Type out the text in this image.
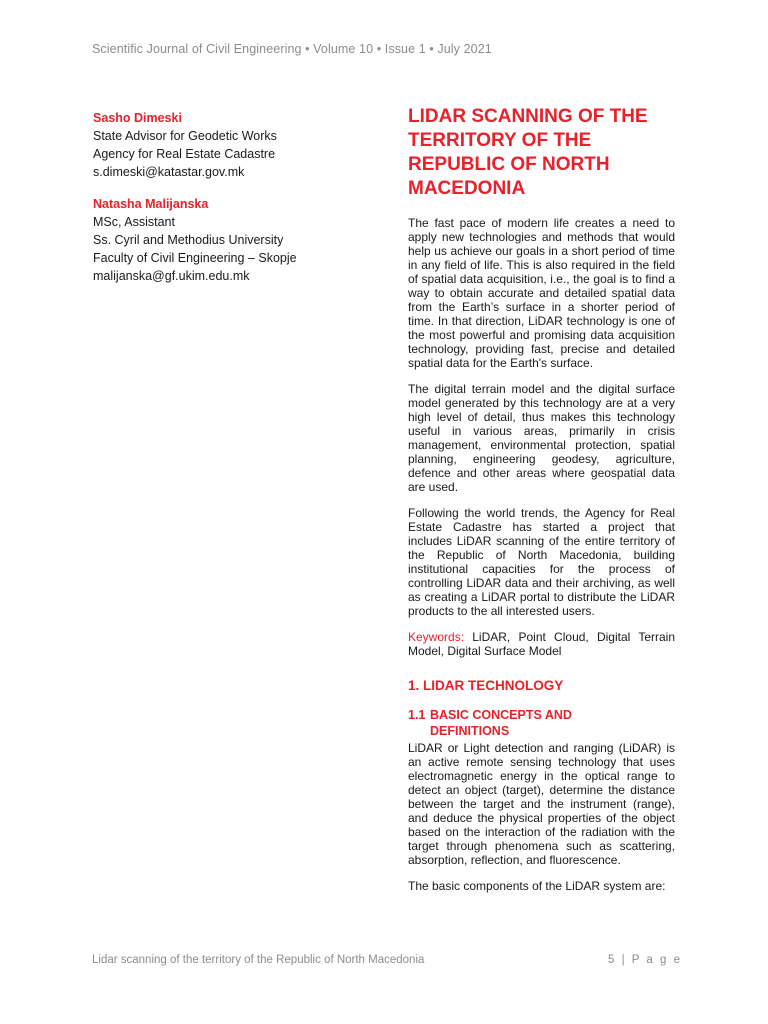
Scientific Journal of Civil Engineering • Volume 10 • Issue 1 • July 2021
Sasho Dimeski
State Advisor for Geodetic Works
Agency for Real Estate Cadastre
s.dimeski@katastar.gov.mk
Natasha Malijanska
MSc, Assistant
Ss. Cyril and Methodius University
Faculty of Civil Engineering – Skopje
malijanska@gf.ukim.edu.mk
LIDAR SCANNING OF THE TERRITORY OF THE REPUBLIC OF NORTH MACEDONIA

The fast pace of modern life creates a need to apply new technologies and methods that would help us achieve our goals in a short period of time in any field of life. This is also required in the field of spatial data acquisition, i.e., the goal is to find a way to obtain accurate and detailed spatial data from the Earth’s surface in a shorter period of time. In that direction, LiDAR technology is one of the most powerful and promising data acquisition technology, providing fast, precise and detailed spatial data for the Earth's surface.

The digital terrain model and the digital surface model generated by this technology are at a very high level of detail, thus makes this technology useful in various areas, primarily in crisis management, environmental protection, spatial planning, engineering geodesy, agriculture, defence and other areas where geospatial data are used.

Following the world trends, the Agency for Real Estate Cadastre has started a project that includes LiDAR scanning of the entire territory of the Republic of North Macedonia, building institutional capacities for the process of controlling LiDAR data and their archiving, as well as creating a LiDAR portal to distribute the LiDAR products to the all interested users.

Keywords: LiDAR, Point Cloud, Digital Terrain Model, Digital Surface Model

1. LIDAR TECHNOLOGY
1.1 BASIC CONCEPTS AND
DEFINITIONS

LiDAR or Light detection and ranging (LiDAR) is an active remote sensing technology that uses electromagnetic energy in the optical range to detect an object (target), determine the distance between the target and the instrument (range), and deduce the physical properties of the object based on the interaction of the radiation with the target through phenomena such as scattering, absorption, reflection, and fluorescence.

The basic components of the LiDAR system are:

Lidar scanning of the territory of the Republic of North Macedonia	5 | P a g e
